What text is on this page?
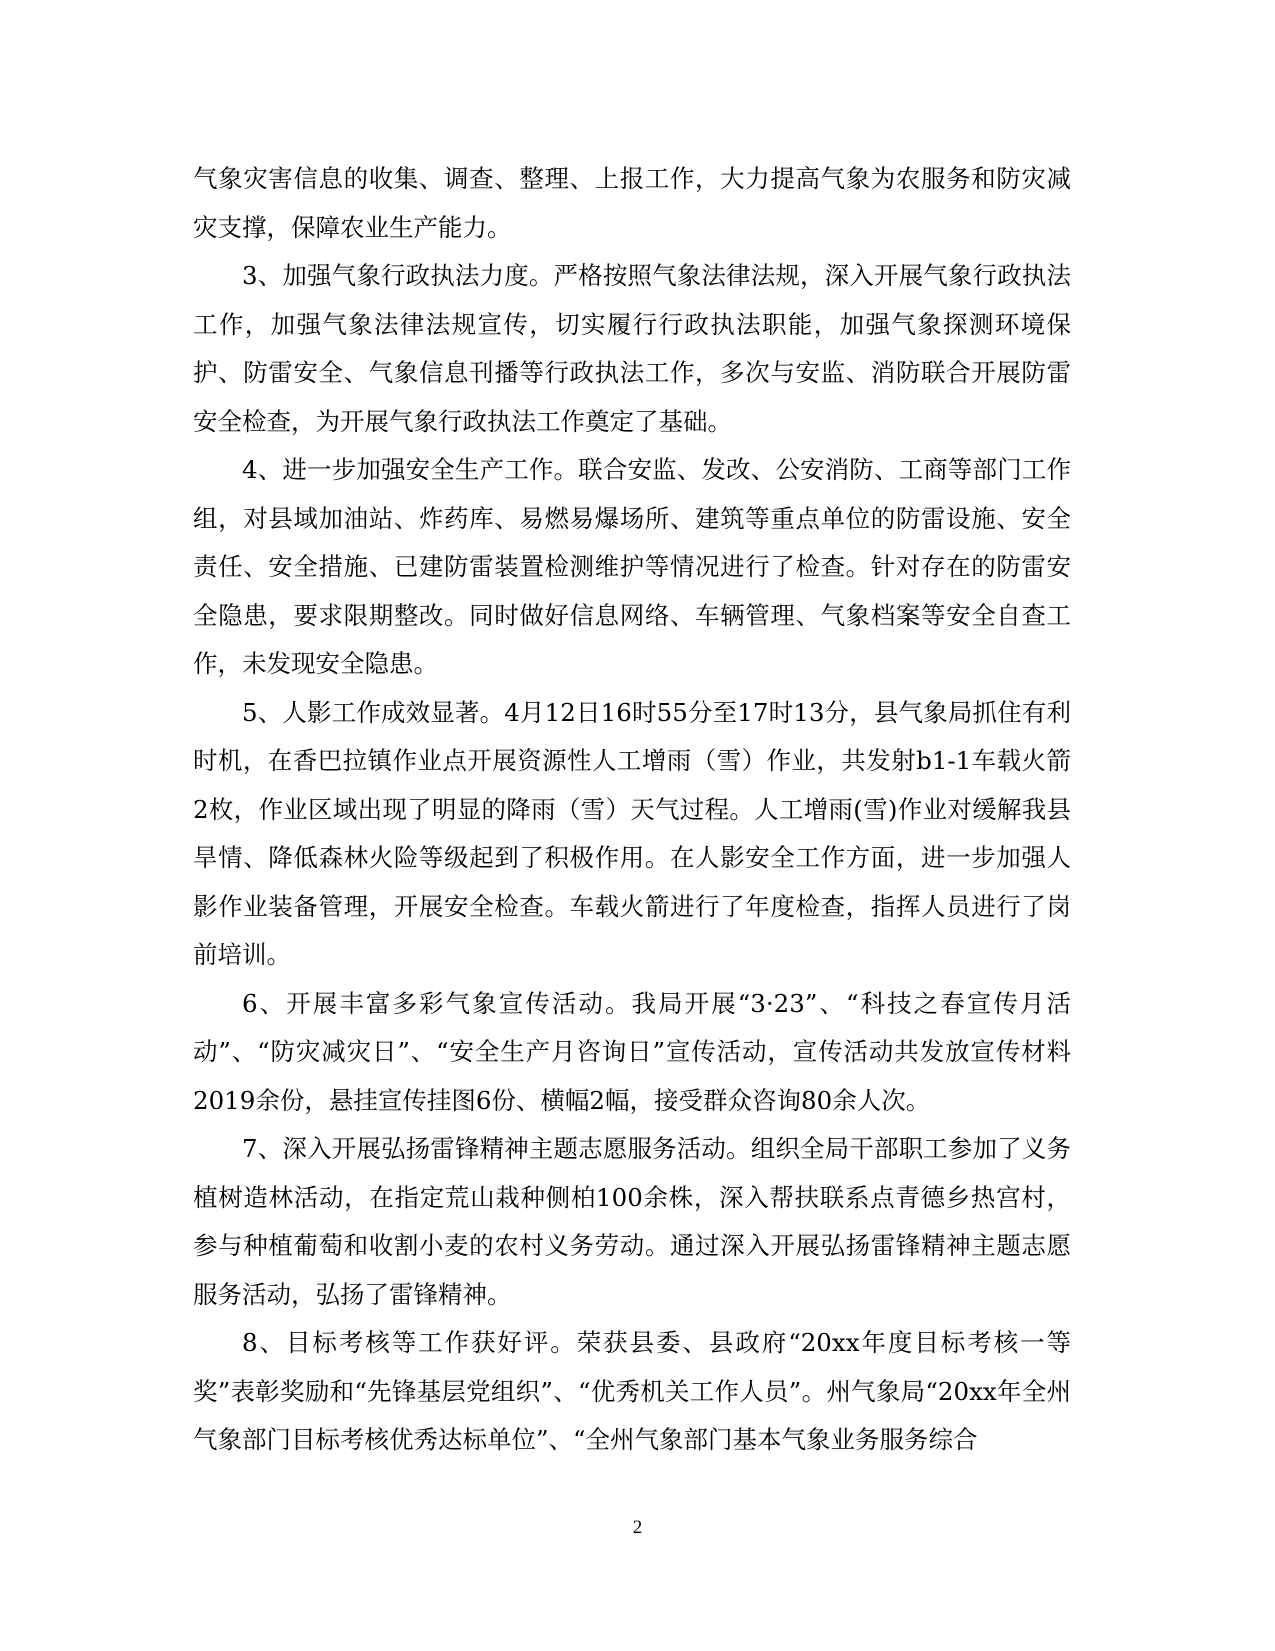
气象灾害信息的收集、调查、整理、上报工作，大力提高气象为农服务和防灾减灾支撑，保障农业生产能力。

3、加强气象行政执法力度。严格按照气象法律法规，深入开展气象行政执法工作，加强气象法律法规宣传，切实履行行政执法职能，加强气象探测环境保护、防雷安全、气象信息刊播等行政执法工作，多次与安监、消防联合开展防雷安全检查，为开展气象行政执法工作奠定了基础。

4、进一步加强安全生产工作。联合安监、发改、公安消防、工商等部门工作组，对县域加油站、炸药库、易燃易爆场所、建筑等重点单位的防雷设施、安全责任、安全措施、已建防雷装置检测维护等情况进行了检查。针对存在的防雷安全隐患，要求限期整改。同时做好信息网络、车辆管理、气象档案等安全自查工作，未发现安全隐患。

5、人影工作成效显著。4月12日16时55分至17时13分，县气象局抓住有利时机，在香巴拉镇作业点开展资源性人工增雨（雪）作业，共发射b1-1车载火箭2枚，作业区域出现了明显的降雨（雪）天气过程。人工增雨(雪)作业对缓解我县旱情、降低森林火险等级起到了积极作用。在人影安全工作方面，进一步加强人影作业装备管理，开展安全检查。车载火箭进行了年度检查，指挥人员进行了岗前培训。

6、开展丰富多彩气象宣传活动。我局开展“3·23”、“科技之春宣传月活动”、“防灾减灾日”、“安全生产月咨询日”宣传活动，宣传活动共发放宣传材料2019余份，悬挂宣传挂图6份、横幅2幅，接受群众咨询80余人次。

7、深入开展弘扬雷锋精神主题志愿服务活动。组织全局干部职工参加了义务植树造林活动，在指定荒山栽种侧柏100余株，深入帮扶联系点青德乡热宫村，参与种植葡萄和收割小麦的农村义务劳动。通过深入开展弘扬雷锋精神主题志愿服务活动，弘扬了雷锋精神。

8、目标考核等工作获好评。荣获县委、县政府“20xx年度目标考核一等奖”表彰奖励和“先锋基层党组织”、“优秀机关工作人员”。州气象局“20xx年全州气象部门目标考核优秀达标单位”、“全州气象部门基本气象业务服务综合

2
